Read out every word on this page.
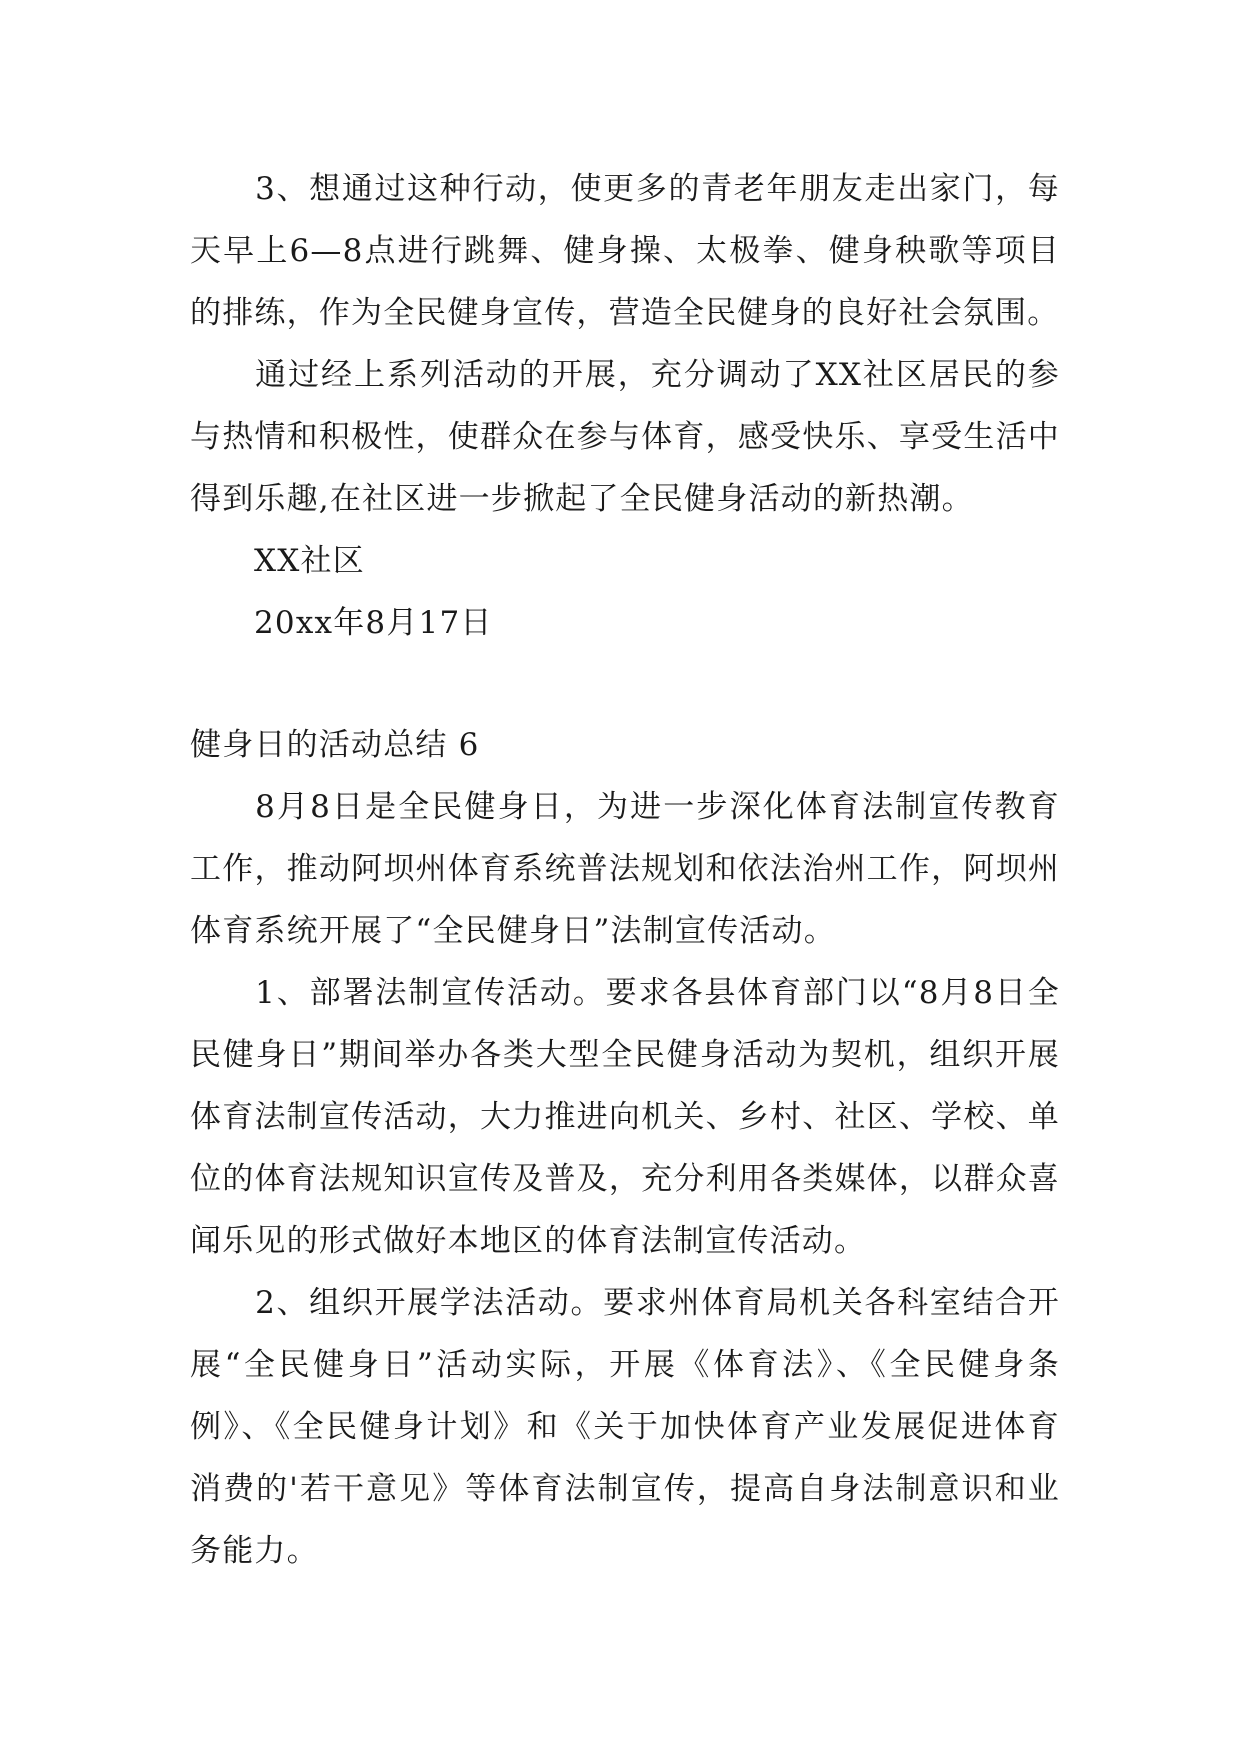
3、想通过这种行动，使更多的青老年朋友走出家门，每天早上6—8点进行跳舞、健身操、太极拳、健身秧歌等项目的排练，作为全民健身宣传，营造全民健身的良好社会氛围。

通过经上系列活动的开展，充分调动了XX社区居民的参与热情和积极性，使群众在参与体育，感受快乐、享受生活中得到乐趣,在社区进一步掀起了全民健身活动的新热潮。

XX社区

20xx年8月17日

健身日的活动总结 6

8月8日是全民健身日，为进一步深化体育法制宣传教育工作，推动阿坝州体育系统普法规划和依法治州工作，阿坝州体育系统开展了“全民健身日”法制宣传活动。

1、部署法制宣传活动。要求各县体育部门以“8月8日全民健身日”期间举办各类大型全民健身活动为契机，组织开展体育法制宣传活动，大力推进向机关、乡村、社区、学校、单位的体育法规知识宣传及普及，充分利用各类媒体，以群众喜闻乐见的形式做好本地区的体育法制宣传活动。

2、组织开展学法活动。要求州体育局机关各科室结合开展“全民健身日”活动实际，开展《体育法》、《全民健身条例》、《全民健身计划》和《关于加快体育产业发展促进体育消费的'若干意见》等体育法制宣传，提高自身法制意识和业务能力。
